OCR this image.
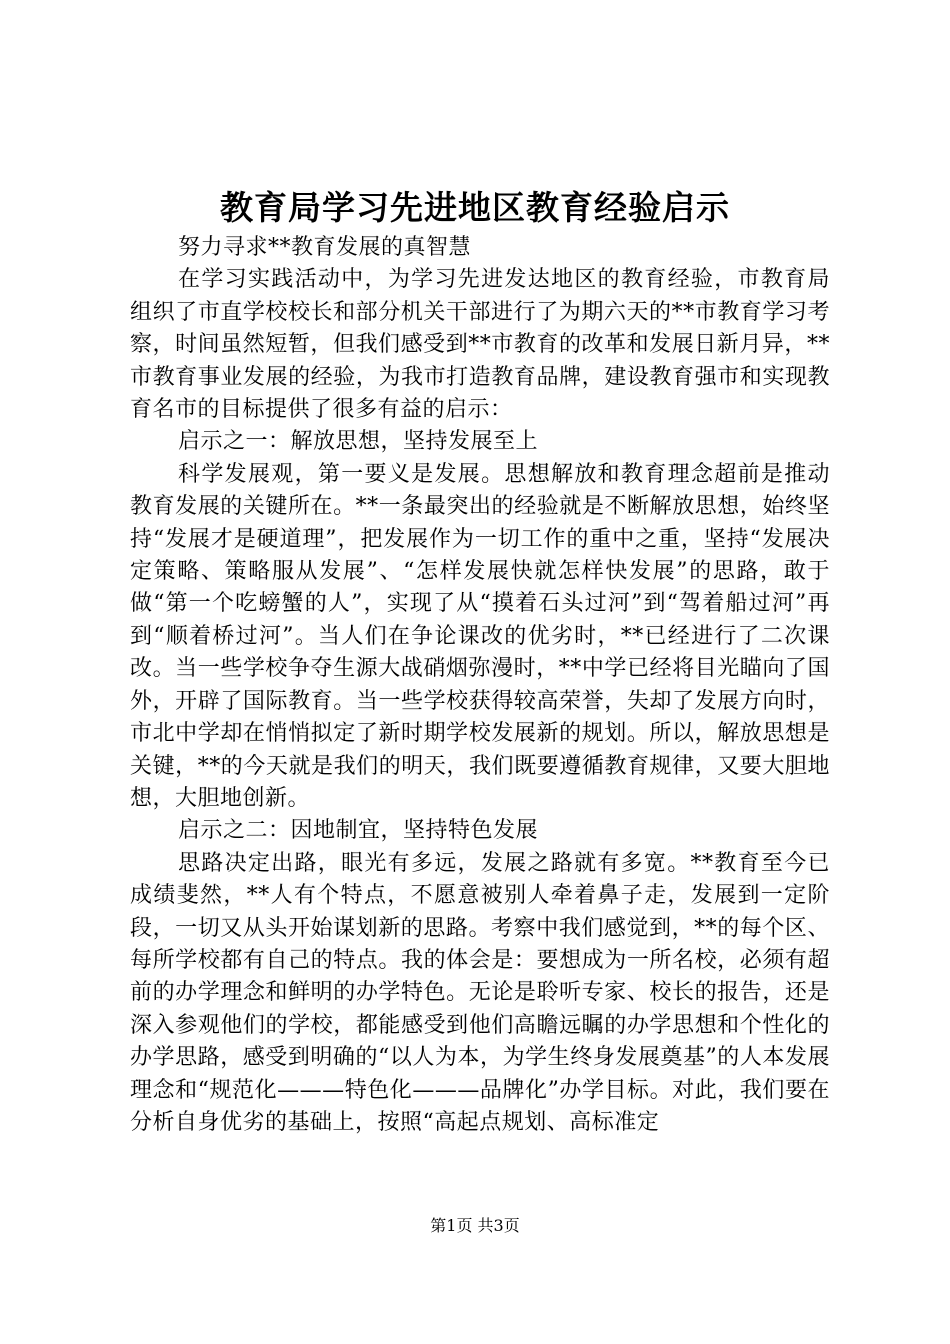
教育局学习先进地区教育经验启示

努力寻求**教育发展的真智慧

在学习实践活动中，为学习先进发达地区的教育经验，市教育局组织了市直学校校长和部分机关干部进行了为期六天的**市教育学习考察，时间虽然短暂，但我们感受到**市教育的改革和发展日新月异，**市教育事业发展的经验，为我市打造教育品牌，建设教育强市和实现教育名市的目标提供了很多有益的启示：

启示之一：解放思想，坚持发展至上

科学发展观，第一要义是发展。思想解放和教育理念超前是推动教育发展的关键所在。**一条最突出的经验就是不断解放思想，始终坚持“发展才是硬道理”，把发展作为一切工作的重中之重，坚持“发展决定策略、策略服从发展”、“怎样发展快就怎样快发展”的思路，敢于做“第一个吃螃蟹的人”，实现了从“摸着石头过河”到“驾着船过河”再到“顺着桥过河”。当人们在争论课改的优劣时，**已经进行了二次课改。当一些学校争夺生源大战硝烟弥漫时，**中学已经将目光瞄向了国外，开辟了国际教育。当一些学校获得较高荣誉，失却了发展方向时，市北中学却在悄悄拟定了新时期学校发展新的规划。所以，解放思想是关键，**的今天就是我们的明天，我们既要遵循教育规律，又要大胆地想，大胆地创新。

启示之二：因地制宜，坚持特色发展

思路决定出路，眼光有多远，发展之路就有多宽。**教育至今已成绩斐然，**人有个特点，不愿意被别人牵着鼻子走，发展到一定阶段，一切又从头开始谋划新的思路。考察中我们感觉到，**的每个区、每所学校都有自己的特点。我的体会是：要想成为一所名校，必须有超前的办学理念和鲜明的办学特色。无论是聆听专家、校长的报告，还是深入参观他们的学校，都能感受到他们高瞻远瞩的办学思想和个性化的办学思路，感受到明确的“以人为本，为学生终身发展奠基”的人本发展理念和“规范化———特色化———品牌化”办学目标。对此，我们要在分析自身优劣的基础上，按照“高起点规划、高标准定

第1页 共3页
